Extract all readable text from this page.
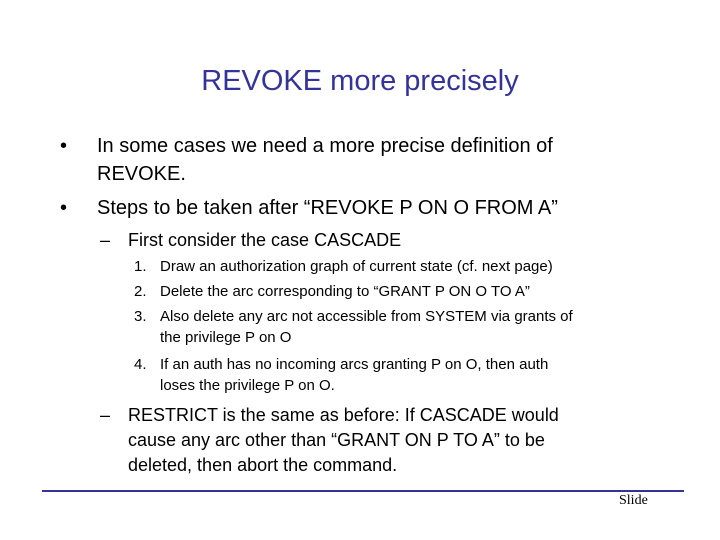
REVOKE more precisely
• In some cases we need a more precise definition of
REVOKE.
• Steps to be taken after “REVOKE P ON O FROM A”
– First consider the case CASCADE
1. Draw an authorization graph of current state (cf. next page)
2. Delete the arc corresponding to “GRANT P ON O TO A”
3. Also delete any arc not accessible from SYSTEM via grants of
the privilege P on O
4. If an auth has no incoming arcs granting P on O, then auth
loses the privilege P on O.
– RESTRICT is the same as before: If CASCADE would
cause any arc other than “GRANT ON P TO A” to be
deleted, then abort the command.
Slide
